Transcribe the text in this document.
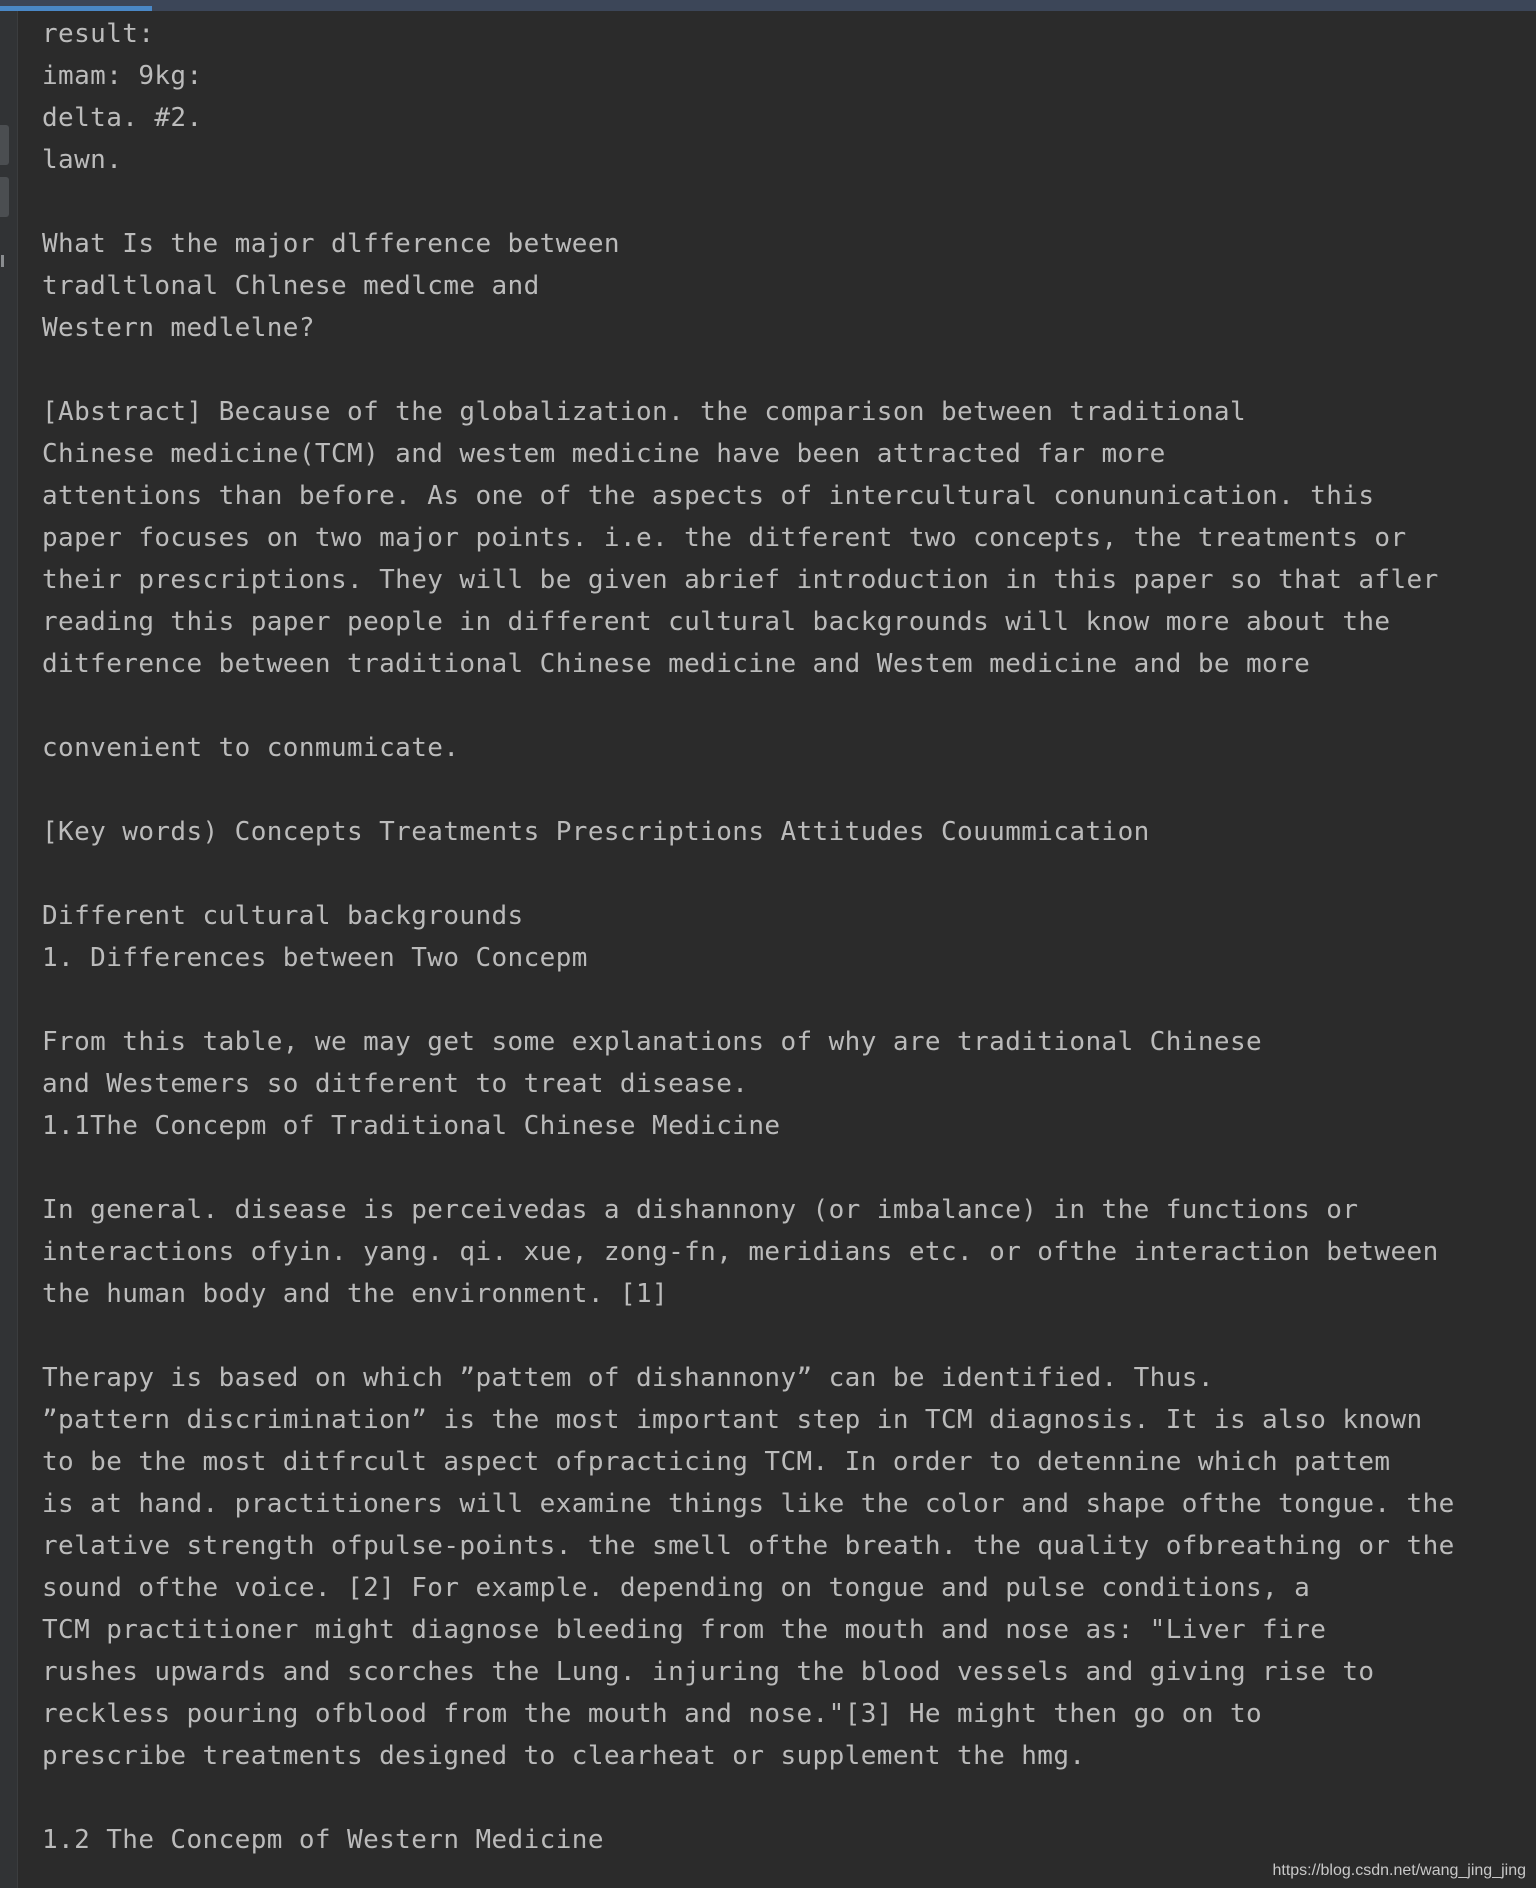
result:
imam: 9kg:
delta. #2.
lawn.
What Is the major dlfference between
tradltlonal Chlnese medlcme and
Western medlelne?
[Abstract] Because of the globalization. the comparison between traditional
Chinese medicine(TCM) and westem medicine have been attracted far more
attentions than before. As one of the aspects of intercultural conununication. this
paper focuses on two major points. i.e. the ditferent two concepts, the treatments or
their prescriptions. They will be given abrief introduction in this paper so that afler
reading this paper people in different cultural backgrounds will know more about the
ditference between traditional Chinese medicine and Westem medicine and be more
convenient to conmumicate.
[Key words) Concepts Treatments Prescriptions Attitudes Couummication
Different cultural backgrounds
1. Differences between Two Concepm
From this table, we may get some explanations of why are traditional Chinese
and Westemers so ditferent to treat disease.
1.1The Concepm of Traditional Chinese Medicine
In general. disease is perceivedas a dishannony (or imbalance) in the functions or
interactions ofyin. yang. qi. xue, zong-fn, meridians etc. or ofthe interaction between
the human body and the environment. [1]
Therapy is based on which ”pattem of dishannony” can be identified. Thus.
”pattern discrimination” is the most important step in TCM diagnosis. It is also known
to be the most ditfrcult aspect ofpracticing TCM. In order to detennine which pattem
is at hand. practitioners will examine things like the color and shape ofthe tongue. the
relative strength ofpulse-points. the smell ofthe breath. the quality ofbreathing or the
sound ofthe voice. [2] For example. depending on tongue and pulse conditions, a
TCM practitioner might diagnose bleeding from the mouth and nose as: "Liver fire
rushes upwards and scorches the Lung. injuring the blood vessels and giving rise to
reckless pouring ofblood from the mouth and nose."[3] He might then go on to
prescribe treatments designed to clearheat or supplement the hmg.
1.2 The Concepm of Western Medicine
https://blog.csdn.net/wang_jing_jing
